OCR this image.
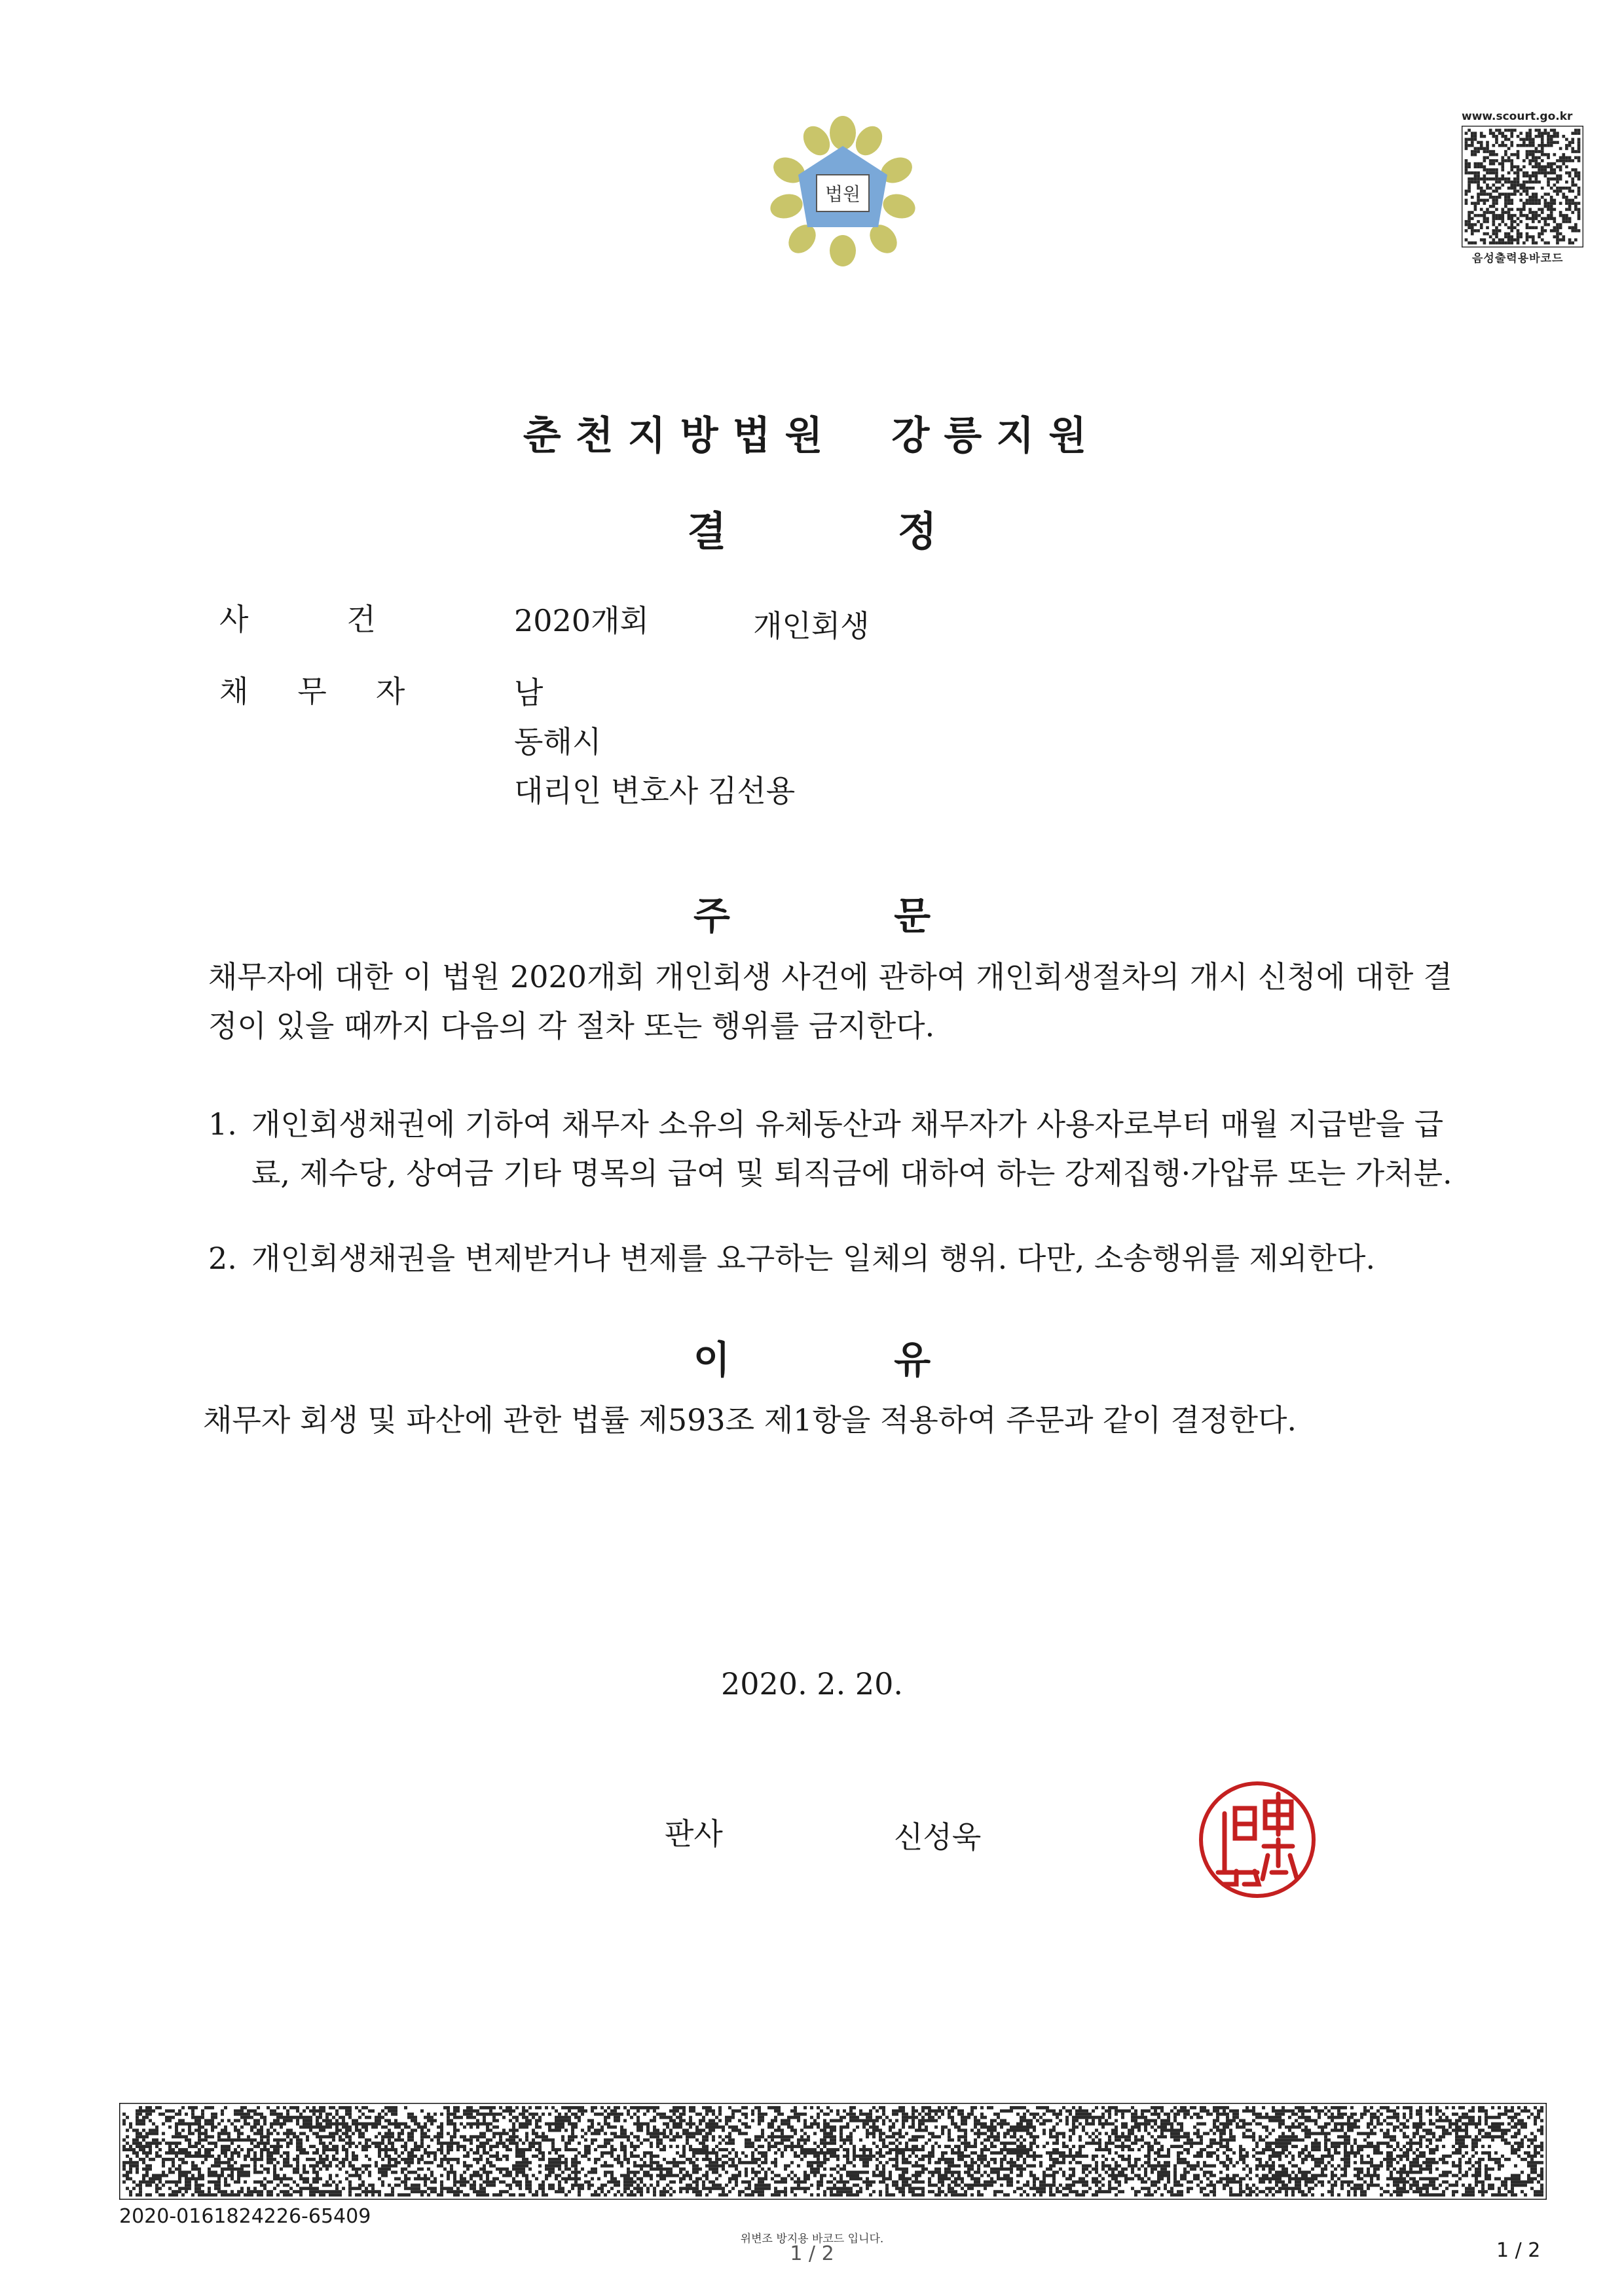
법원
www.scourt.go.kr
음성출력용바코드
춘천지방법원 강릉지원
결 정
사건 2020개회	개인회생
채무자 남
동해시
대리인 변호사 김선용
주 문
채무자에 대한 이 법원 2020개회 개인회생 사건에 관하여 개인회생절차의 개시 신청에 대한 결정이 있을 때까지 다음의 각 절차 또는 행위를 금지한다.
1. 개인회생채권에 기하여 채무자 소유의 유체동산과 채무자가 사용자로부터 매월 지급받을 급료, 제수당, 상여금 기타 명목의 급여 및 퇴직금에 대하여 하는 강제집행·가압류 또는 가처분.
2. 개인회생채권을 변제받거나 변제를 요구하는 일체의 행위. 다만, 소송행위를 제외한다.
이 유
채무자 회생 및 파산에 관한 법률 제593조 제1항을 적용하여 주문과 같이 결정한다.
2020. 2. 20.
판사	신성욱
2020-0161824226-65409
위변조 방지용 바코드 입니다.
1 / 2	1 / 2
